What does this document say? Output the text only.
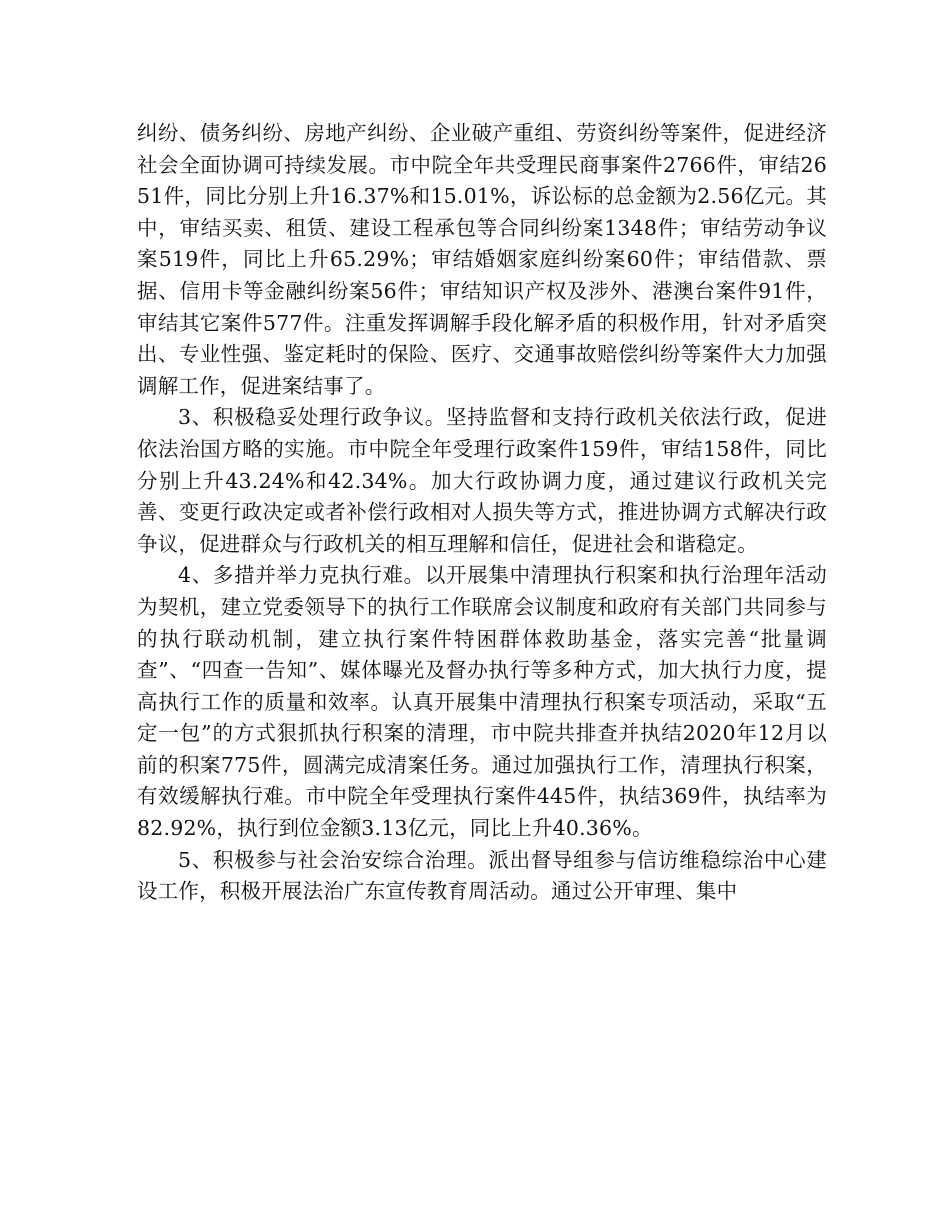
纠纷、债务纠纷、房地产纠纷、企业破产重组、劳资纠纷等案件，促进经济社会全面协调可持续发展。市中院全年共受理民商事案件2766件，审结2651件，同比分别上升16.37%和15.01%，诉讼标的总金额为2.56亿元。其中，审结买卖、租赁、建设工程承包等合同纠纷案1348件；审结劳动争议案519件，同比上升65.29%；审结婚姻家庭纠纷案60件；审结借款、票据、信用卡等金融纠纷案56件；审结知识产权及涉外、港澳台案件91件，审结其它案件577件。注重发挥调解手段化解矛盾的积极作用，针对矛盾突出、专业性强、鉴定耗时的保险、医疗、交通事故赔偿纠纷等案件大力加强调解工作，促进案结事了。

3、积极稳妥处理行政争议。坚持监督和支持行政机关依法行政，促进依法治国方略的实施。市中院全年受理行政案件159件，审结158件，同比分别上升43.24%和42.34%。加大行政协调力度，通过建议行政机关完善、变更行政决定或者补偿行政相对人损失等方式，推进协调方式解决行政争议，促进群众与行政机关的相互理解和信任，促进社会和谐稳定。

4、多措并举力克执行难。以开展集中清理执行积案和执行治理年活动为契机，建立党委领导下的执行工作联席会议制度和政府有关部门共同参与的执行联动机制，建立执行案件特困群体救助基金，落实完善“批量调查”、“四查一告知”、媒体曝光及督办执行等多种方式，加大执行力度，提高执行工作的质量和效率。认真开展集中清理执行积案专项活动，采取“五定一包”的方式狠抓执行积案的清理，市中院共排查并执结2020年12月以前的积案775件，圆满完成清案任务。通过加强执行工作，清理执行积案，有效缓解执行难。市中院全年受理执行案件445件，执结369件，执结率为82.92%，执行到位金额3.13亿元，同比上升40.36%。

5、积极参与社会治安综合治理。派出督导组参与信访维稳综治中心建设工作，积极开展法治广东宣传教育周活动。通过公开审理、集中
